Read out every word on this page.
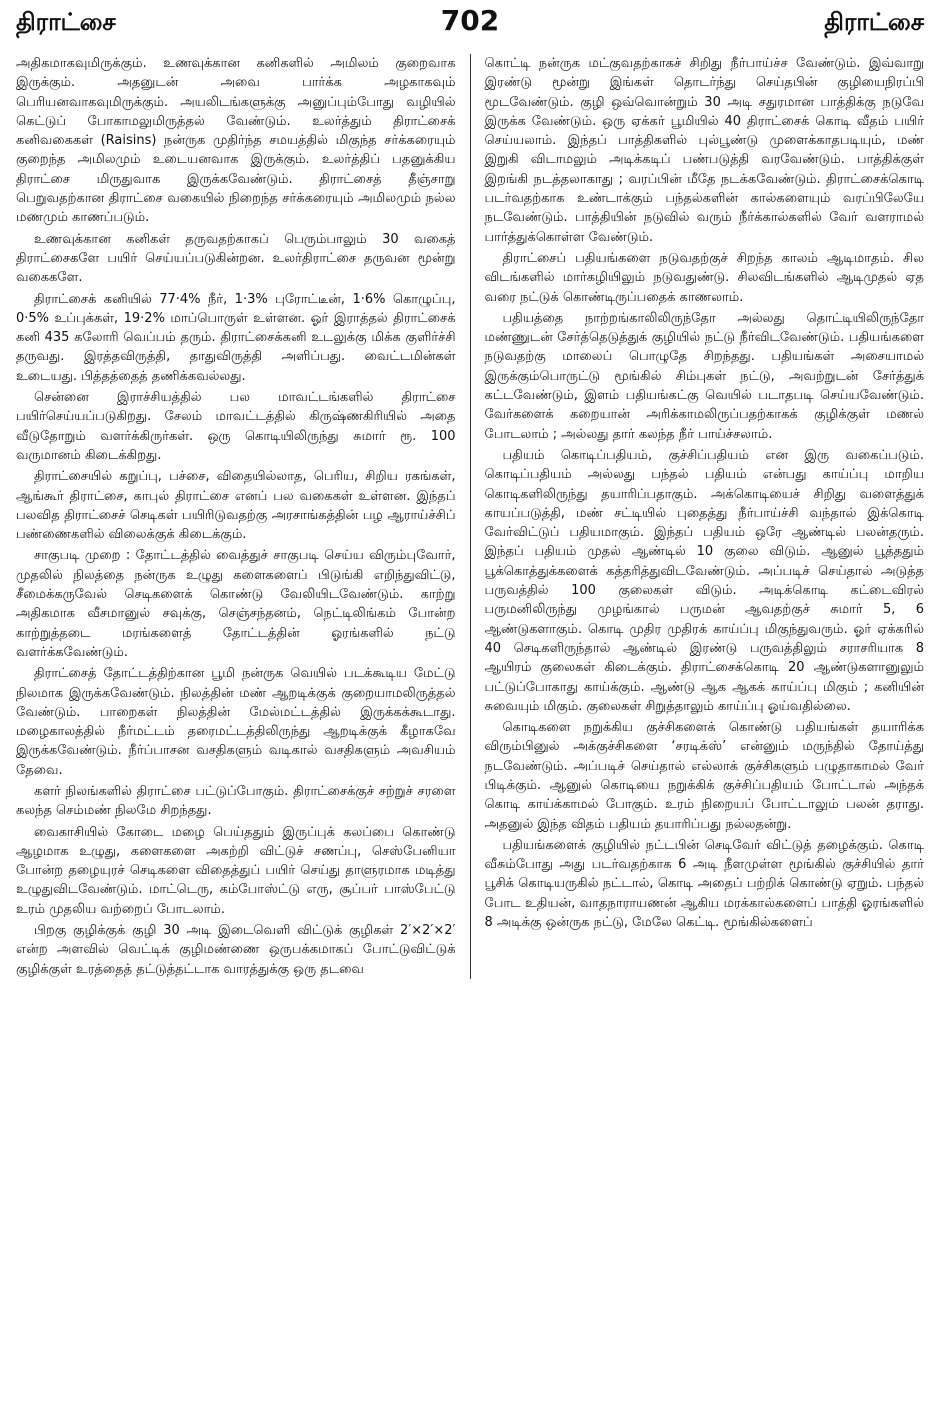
திராட்சை	702	திராட்சை

அதிகமாகவுமிருக்கும். உணவுக்கான கனிகளில் அமிலம் குறைவாக இருக்கும். அதனுடன் அவை பார்க்க அழகாகவும் பெரியனவாகவுமிருக்கும். அயலிடங்களுக்கு அனுப்பும்போது வழியில் கெட்டுப் போகாமலுமிருத்தல் வேண்டும். உலர்த்தும் திராட்சைக் கனிவகைகள் (Raisins) நன்ருக முதிர்ந்த சமயத்தில் மிகுந்த சர்க்கரையும் குறைந்த அமிலமும் உடையனவாக இருக்கும். உலர்த்திப் பதனுக்கிய திராட்சை மிருதுவாக இருக்கவேண்டும். திராட்சைத் தீஞ்சாறு பெறுவதற்கான திராட்சை வகையில் நிறைந்த சர்க்கரையும் அமிலமும் நல்ல மணமும் காணப்படும்.

உணவுக்கான கனிகள் தருவதற்காகப் பெரும்பாலும் 30 வகைத் திராட்சைகளே பயிர் செய்யப்படுகின்றன. உலர்திராட்சை தருவன மூன்று வகைகளே.

திராட்சைக் கனியில் 77·4% நீர், 1·3% புரோட்டீன், 1·6% கொழுப்பு, 0·5% உப்புக்கள், 19·2% மாப்பொருள் உள்ளன. ஓர் இராத்தல் திராட்சைக் கனி 435 கலோரி வெப்பம் தரும். திராட்சைக்கனி உடலுக்கு மிக்க குளிர்ச்சி தருவது. இரத்தவிருத்தி, தாதுவிருத்தி அளிப்பது. வைட்டமின்கள் உடையது. பித்தத்தைத் தணிக்கவல்லது.

சென்னை இராச்சியத்தில் பல மாவட்டங்களில் திராட்சை பயிர்செய்யப்படுகிறது. சேலம் மாவட்டத்தில் கிருஷ்ணகிரியில் அதை வீடுதோறும் வளர்க்கிருர்கள். ஒரு கொடியிலிருந்து சுமார் ரூ. 100 வருமானம் கிடைக்கிறது.

திராட்சையில் கறுப்பு, பச்சை, விதையில்லாத, பெரிய, சிறிய ரகங்கள், ஆங்கூர் திராட்சை, காபுல் திராட்சை எனப் பல வகைகள் உள்ளன. இந்தப் பலவித திராட்சைச் செடிகள் பயிரிடுவதற்கு அரசாங்கத்தின் பழ ஆராய்ச்சிப் பண்ணைகளில் விலைக்குக் கிடைக்கும்.

சாகுபடி முறை : தோட்டத்தில் வைத்துச் சாகுபடி செய்ய விரும்புவோர், முதலில் நிலத்தை நன்ருக உழுது களைகளைப் பிடுங்கி எறிந்துவிட்டு, சீமைக்கருவேல் செடிகளைக் கொண்டு வேலியிடவேண்டும். காற்று அதிகமாக வீசமானுல் சவுக்கு, செஞ்சந்தனம், நெட்டிலிங்கம் போன்ற காற்றுத்தடை மரங்களைத் தோட்டத்தின் ஓரங்களில் நட்டு வளர்க்கவேண்டும்.

திராட்சைத் தோட்டத்திற்கான பூமி நன்ருக வெயில் படக்கூடிய மேட்டு நிலமாக இருக்கவேண்டும். நிலத்தின் மண் ஆறடிக்குக் குறையாமலிருத்தல் வேண்டும். பாறைகள் நிலத்தின் மேல்மட்டத்தில் இருக்கக்கூடாது. மழைகாலத்தில் நீர்மட்டம் தரைமட்டத்திலிருந்து ஆறடிக்குக் கீழாகவே இருக்கவேண்டும். நீர்ப்பாசன வசதிகளும் வடிகால் வசதிகளும் அவசியம் தேவை.

களர் நிலங்களில் திராட்சை பட்டுப்போகும். திராட்சைக்குச் சற்றுச் சரளை கலந்த செம்மண் நிலமே சிறந்தது.

வைகாசியில் கோடை மழை பெய்ததும் இருப்புக் கலப்பை கொண்டு ஆழமாக உழுது, களைகளை அகற்றி விட்டுச் சணப்பு, செஸ்பேனியா போன்ற தழையுரச் செடிகளை விதைத்துப் பயிர் செய்து தாளுரமாக மடித்து உழுதுவிடவேண்டும். மாட்டெரு, கம்போஸ்ட்டு எரு, சூப்பர் பாஸ்பேட்டு உரம் முதலிய வற்றைப் போடலாம்.

பிறகு குழிக்குக் குழி 30 அடி இடைவெளி விட்டுக் குழிகள் 2′×2′×2′ என்ற அளவில் வெட்டிக் குழிமண்ணை ஒருபக்கமாகப் போட்டுவிட்டுக் குழிக்குள் உரத்தைத் தட்டுத்தட்டாக வாரத்துக்கு ஒரு தடவை

கொட்டி நன்ருக மட்குவதற்காகச் சிறிது நீர்பாய்ச்ச வேண்டும். இவ்வாறு இரண்டு மூன்று இங்கள் தொடர்ந்து செய்தபின் குழியைநிரப்பி மூடவேண்டும். குழி ஒவ்வொன்றும் 30 அடி சதுரமான பாத்திக்கு நடுவே இருக்க வேண்டும். ஒரு ஏக்கர் பூமியில் 40 திராட்சைக் கொடி வீதம் பயிர் செய்யலாம். இந்தப் பாத்திகளில் புல்பூண்டு முளைக்காதபடியும், மண் இறுகி விடாமலும் அடிக்கடிப் பண்படுத்தி வரவேண்டும். பாத்திக்குள் இறங்கி நடத்தலாகாது ; வரப்பின் மீதே நடக்கவேண்டும். திராட்சைக்கொடி படர்வதற்காக உண்டாக்கும் பந்தல்களின் கால்களையும் வரப்பிலேயே நடவேண்டும். பாத்தியின் நடுவில் வரும் நீர்க்கால்களில் வேர் வளராமல் பார்த்துக்கொள்ள வேண்டும்.

திராட்சைப் பதியங்களை நடுவதற்குச் சிறந்த காலம் ஆடிமாதம். சில விடங்களில் மார்கழியிலும் நடுவதுண்டு. சிலவிடங்களில் ஆடிமுதல் ஏத வரை நட்டுக் கொண்டிருப்பதைக் காணலாம்.

பதியத்தை நாற்றங்காலிலிருந்தோ அல்லது தொட்டியிலிருந்தோ மண்ணுடன் சேர்த்தெடுத்துக் குழியில் நட்டு நீர்விடவேண்டும். பதியங்களை நடுவதற்கு மாலைப் பொழுதே சிறந்தது. பதியங்கள் அசையாமல் இருக்கும்பொருட்டு மூங்கில் சிம்புகள் நட்டு, அவற்றுடன் சேர்த்துக் கட்டவேண்டும், இளம் பதியங்கட்கு வெயில் படாதபடி செய்யவேண்டும். வேர்களைக் கறையான் அரிக்காமலிருப்பதற்காகக் குழிக்குள் மணல் போடலாம் ; அல்லது தார் கலந்த நீர் பாய்ச்சலாம்.

பதியம் கொடிப்பதியம், குச்சிப்பதியம் என இரு வகைப்படும். கொடிப்பதியம் அல்லது பந்தல் பதியம் என்பது காய்ப்பு மாறிய கொடிகளிலிருந்து தயாரிப்பதாகும். அக்கொடியைச் சிறிது வளைத்துக் காயப்படுத்தி, மண் சட்டியில் புதைத்து நீர்பாய்ச்சி வந்தால் இக்கொடி வேர்விட்டுப் பதியமாகும். இந்தப் பதியம் ஒரே ஆண்டில் பலன்தரும். இந்தப் பதியம் முதல் ஆண்டில் 10 குலை விடும். ஆனுல் பூத்ததும் பூக்கொத்துக்களைக் கத்தரித்துவிடவேண்டும். அப்படிச் செய்தால் அடுத்த பருவத்தில் 100 குலைகள் விடும். அடிக்கொடி கட்டைவிரல் பருமனிலிருந்து முழங்கால் பருமன் ஆவதற்குச் சுமார் 5, 6 ஆண்டுகளாகும். கொடி முதிர முதிரக் காய்ப்பு மிகுந்துவரும். ஓர் ஏக்கரில் 40 செடிகளிருந்தால் ஆண்டில் இரண்டு பருவத்திலும் சராசரியாக 8 ஆயிரம் குலைகள் கிடைக்கும். திராட்சைக்கொடி 20 ஆண்டுகளானுலும் பட்டுப்போகாது காய்க்கும். ஆண்டு ஆக ஆகக் காய்ப்பு மிகும் ; கனியின் சுவையும் மிகும். குலைகள் சிறுத்தாலும் காய்ப்பு ஓய்வதில்லை.

கொடிகளை நறுக்கிய குச்சிகளைக் கொண்டு பதியங்கள் தயாரிக்க விரும்பினுல் அக்குச்சிகளை ‘சரடிக்ஸ்’ என்னும் மருந்தில் தோய்த்து நடவேண்டும். அப்படிச் செய்தால் எல்லாக் குச்சிகளும் பழுதாகாமல் வேர் பிடிக்கும். ஆனுல் கொடியை நறுக்கிக் குச்சிப்பதியம் போட்டால் அந்தக் கொடி காய்க்காமல் போகும். உரம் நிறையப் போட்டாலும் பலன் தராது. அதனுல் இந்த விதம் பதியம் தயாரிப்பது நல்லதன்று.

பதியங்களைக் குழியில் நட்டபின் செடிவேர் விட்டுத் தழைக்கும். கொடி வீசும்போது அது படர்வதற்காக 6 அடி நீளமுள்ள மூங்கில் குச்சியில் தார் பூசிக் கொடியருகில் நட்டால், கொடி அதைப் பற்றிக் கொண்டு ஏறும். பந்தல் போட உதியன், வாதநாராயணன் ஆகிய மரக்கால்களைப் பாத்தி ஓரங்களில் 8 அடிக்கு ஒன்ருக நட்டு, மேலே கெட்டி. மூங்கில்களைப்
